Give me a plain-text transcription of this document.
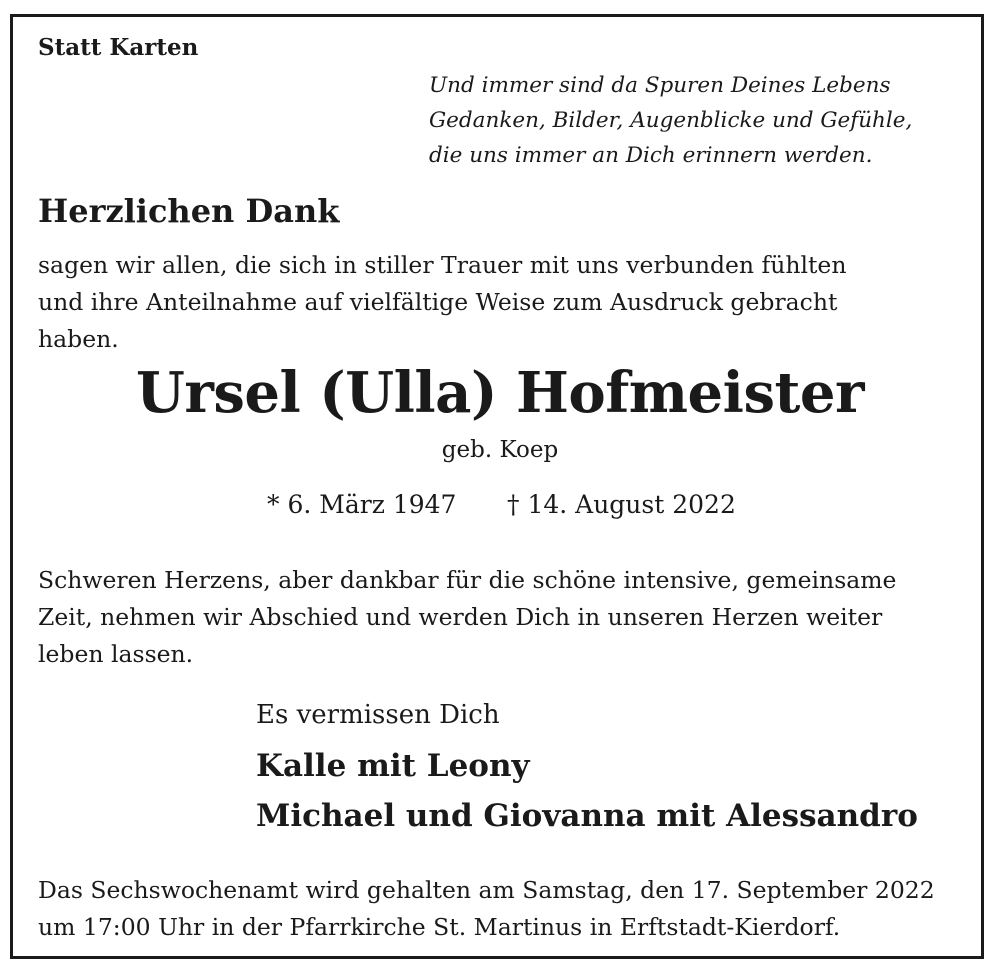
Statt Karten
Und immer sind da Spuren Deines Lebens
Gedanken, Bilder, Augenblicke und Gefühle,
die uns immer an Dich erinnern werden.
Herzlichen Dank
sagen wir allen, die sich in stiller Trauer mit uns verbunden fühlten
und ihre Anteilnahme auf vielfältige Weise zum Ausdruck gebracht
haben.
Ursel (Ulla) Hofmeister
geb. Koep
* 6. März 1947 † 14. August 2022
Schweren Herzens, aber dankbar für die schöne intensive, gemeinsame
Zeit, nehmen wir Abschied und werden Dich in unseren Herzen weiter
leben lassen.
Es vermissen Dich
Kalle mit Leony
Michael und Giovanna mit Alessandro
Das Sechswochenamt wird gehalten am Samstag, den 17. September 2022
um 17:00 Uhr in der Pfarrkirche St. Martinus in Erftstadt-Kierdorf.
